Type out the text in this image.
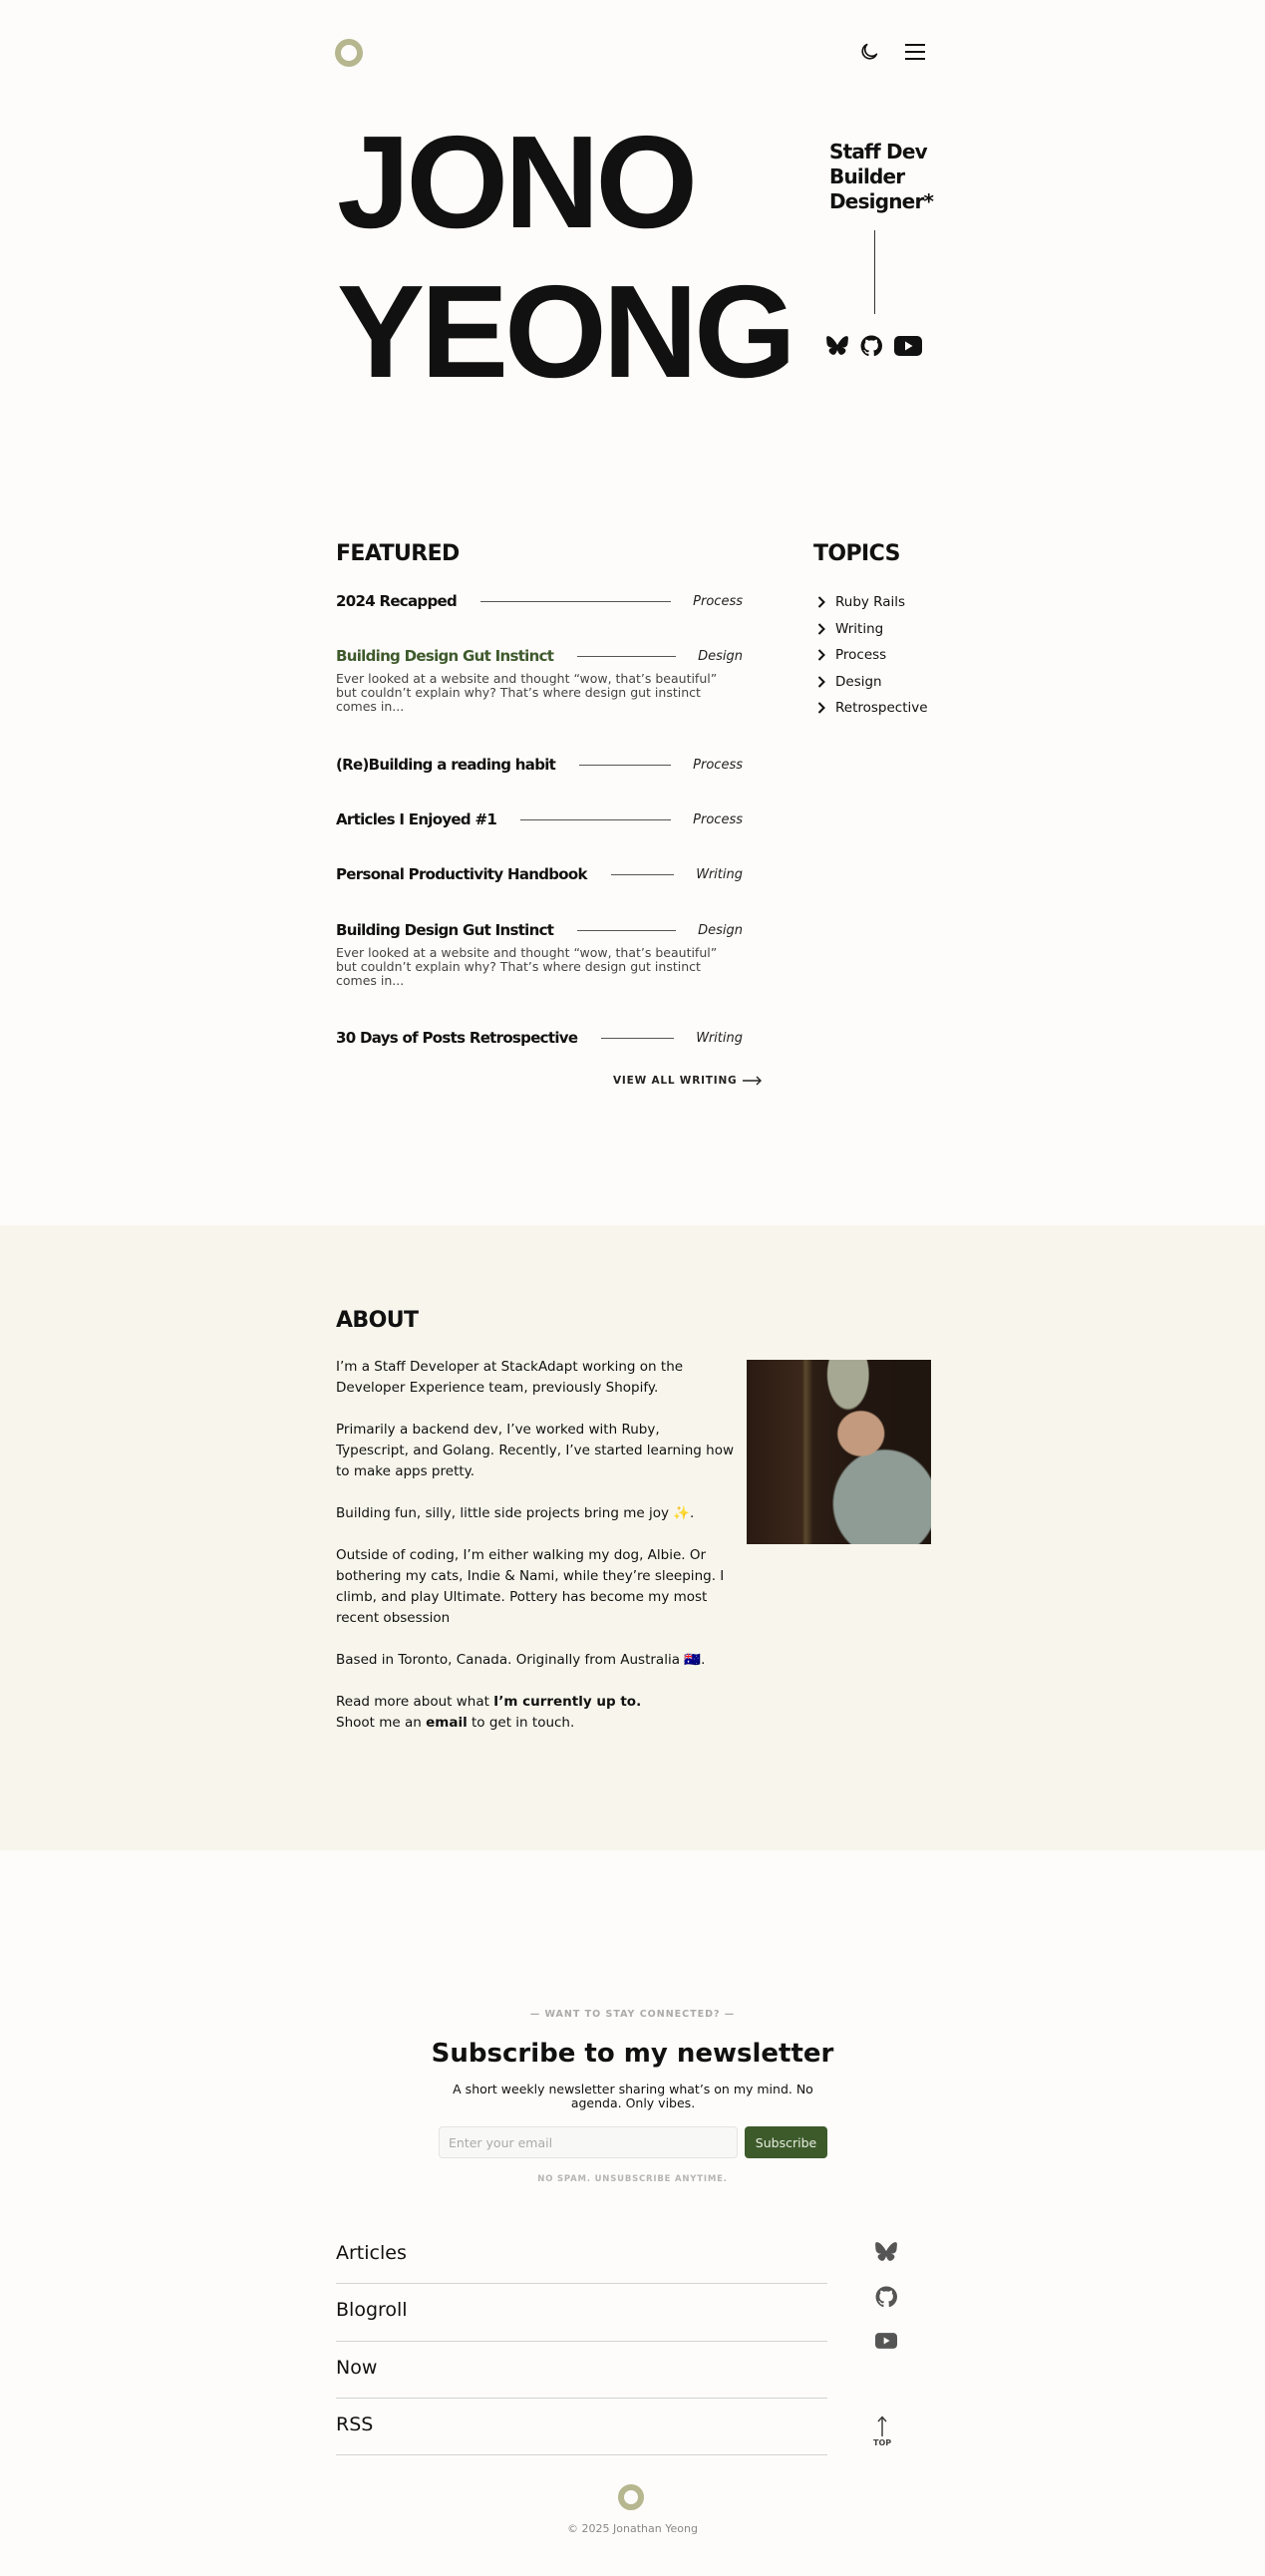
JONO
YEONG
Staff Dev
Builder
Designer*
FEATURED
2024 Recapped	Process
Building Design Gut Instinct	Design
Ever looked at a website and thought “wow, that’s beautiful” but couldn’t explain why? That’s where design gut instinct comes in...
(Re)Building a reading habit	Process
Articles I Enjoyed #1	Process
Personal Productivity Handbook	Writing
Building Design Gut Instinct	Design
Ever looked at a website and thought “wow, that’s beautiful” but couldn’t explain why? That’s where design gut instinct comes in...
30 Days of Posts Retrospective	Writing
VIEW ALL WRITING
TOPICS
Ruby Rails
Writing
Process
Design
Retrospective
ABOUT

I’m a Staff Developer at StackAdapt working on the Developer Experience team, previously Shopify.

Primarily a backend dev, I’ve worked with Ruby, Typescript, and Golang. Recently, I’ve started learning how to make apps pretty.

Building fun, silly, little side projects bring me joy ✨.

Outside of coding, I’m either walking my dog, Albie. Or bothering my cats, Indie & Nami, while they’re sleeping. I climb, and play Ultimate. Pottery has become my most recent obsession

Based in Toronto, Canada. Originally from Australia 🇦🇺.

Read more about what I’m currently up to.
Shoot me an email to get in touch.
— WANT TO STAY CONNECTED? —
Subscribe to my newsletter
A short weekly newsletter sharing what’s on my mind. No agenda. Only vibes.
Enter your email
Subscribe
NO SPAM. UNSUBSCRIBE ANYTIME.
Articles
Blogroll
Now
RSS
TOP
© 2025 Jonathan Yeong
